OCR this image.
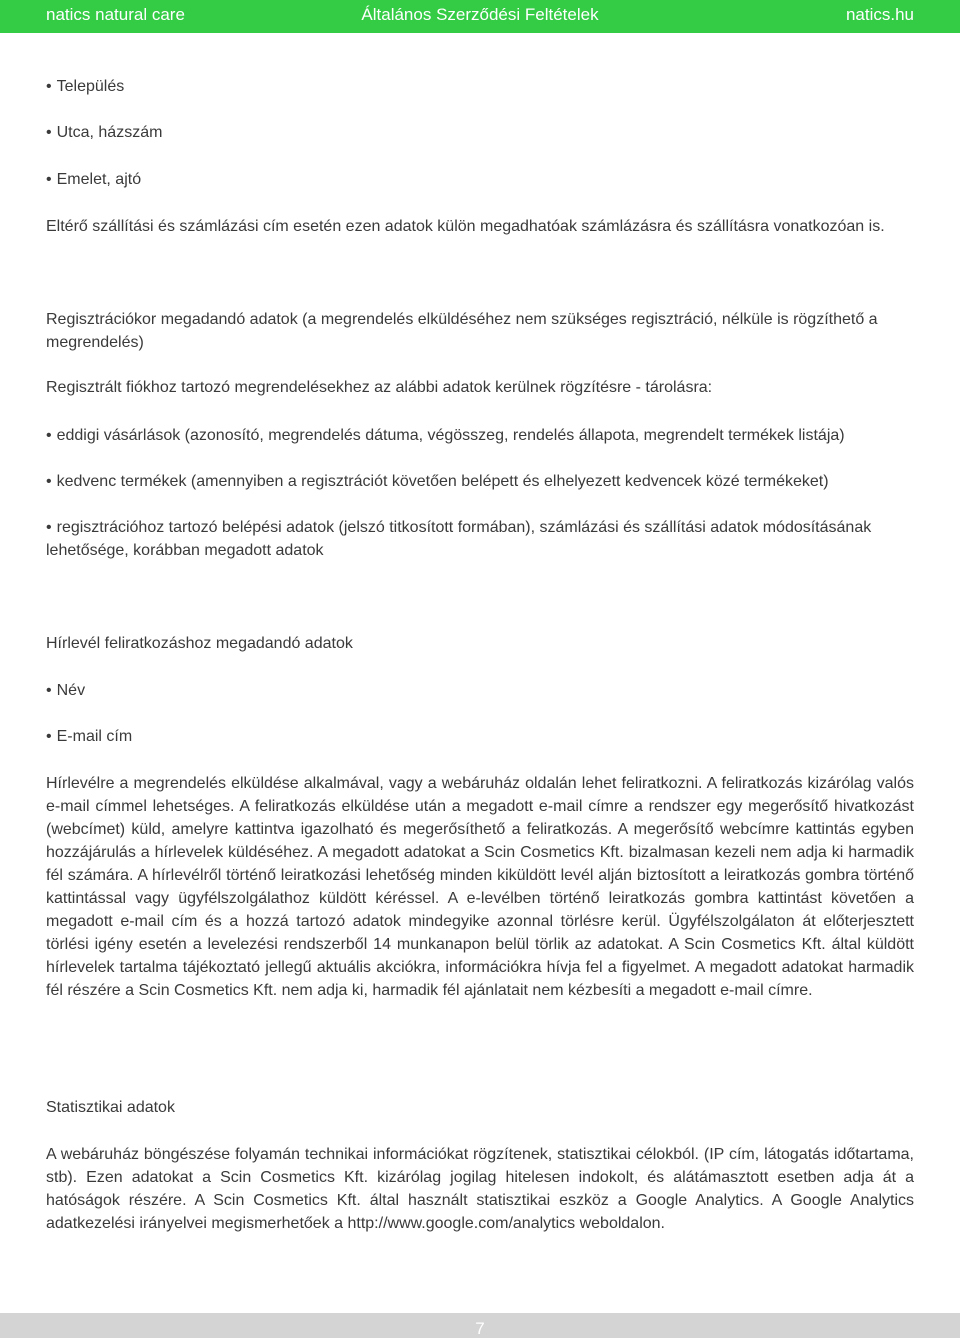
natics natural care	Általános Szerződési Feltételek	natics.hu
• Település
• Utca, házszám
• Emelet, ajtó
Eltérő szállítási és számlázási cím esetén ezen adatok külön megadhatóak számlázásra és szállításra vonatkozóan is.
Regisztrációkor megadandó adatok (a megrendelés elküldéséhez nem szükséges regisztráció, nélküle is rögzíthető a megrendelés)
Regisztrált fiókhoz tartozó megrendelésekhez az alábbi adatok kerülnek rögzítésre - tárolásra:
• eddigi vásárlások (azonosító, megrendelés dátuma, végösszeg, rendelés állapota, megrendelt termékek listája)
• kedvenc termékek (amennyiben a regisztrációt követően belépett és elhelyezett kedvencek közé termékeket)
• regisztrációhoz tartozó belépési adatok (jelszó titkosított formában), számlázási és szállítási adatok módosításának lehetősége, korábban megadott adatok
Hírlevél feliratkozáshoz megadandó adatok
• Név
• E-mail cím
Hírlevélre a megrendelés elküldése alkalmával, vagy a webáruház oldalán lehet feliratkozni. A feliratkozás kizárólag valós e-mail címmel lehetséges. A feliratkozás elküldése után a megadott e-mail címre a rendszer egy megerősítő hivatkozást (webcímet) küld, amelyre kattintva igazolható és megerősíthető a feliratkozás. A megerősítő webcímre kattintás egyben hozzájárulás a hírlevelek küldéséhez. A megadott adatokat a Scin Cosmetics Kft. bizalmasan kezeli nem adja ki harmadik fél számára. A hírlevélről történő leiratkozási lehetőség minden kiküldött levél alján biztosított a leiratkozás gombra történő kattintással vagy ügyfélszolgálathoz küldött kéréssel. A e-levélben történő leiratkozás gombra kattintást követően a megadott e-mail cím és a hozzá tartozó adatok mindegyike azonnal törlésre kerül. Ügyfélszolgálaton át előterjesztett törlési igény esetén a levelezési rendszerből 14 munkanapon belül törlik az adatokat. A Scin Cosmetics Kft. által küldött hírlevelek tartalma tájékoztató jellegű aktuális akciókra, információkra hívja fel a figyelmet. A megadott adatokat harmadik fél részére a Scin Cosmetics Kft. nem adja ki, harmadik fél ajánlatait nem kézbesíti a megadott e-mail címre.
Statisztikai adatok
A webáruház böngészése folyamán technikai információkat rögzítenek, statisztikai célokból. (IP cím, látogatás időtartama, stb). Ezen adatokat a Scin Cosmetics Kft. kizárólag jogilag hitelesen indokolt, és alátámasztott esetben adja át a hatóságok részére. A Scin Cosmetics Kft. által használt statisztikai eszköz a Google Analytics. A Google Analytics adatkezelési irányelvei megismerhetőek a http://www.google.com/analytics weboldalon.
7
